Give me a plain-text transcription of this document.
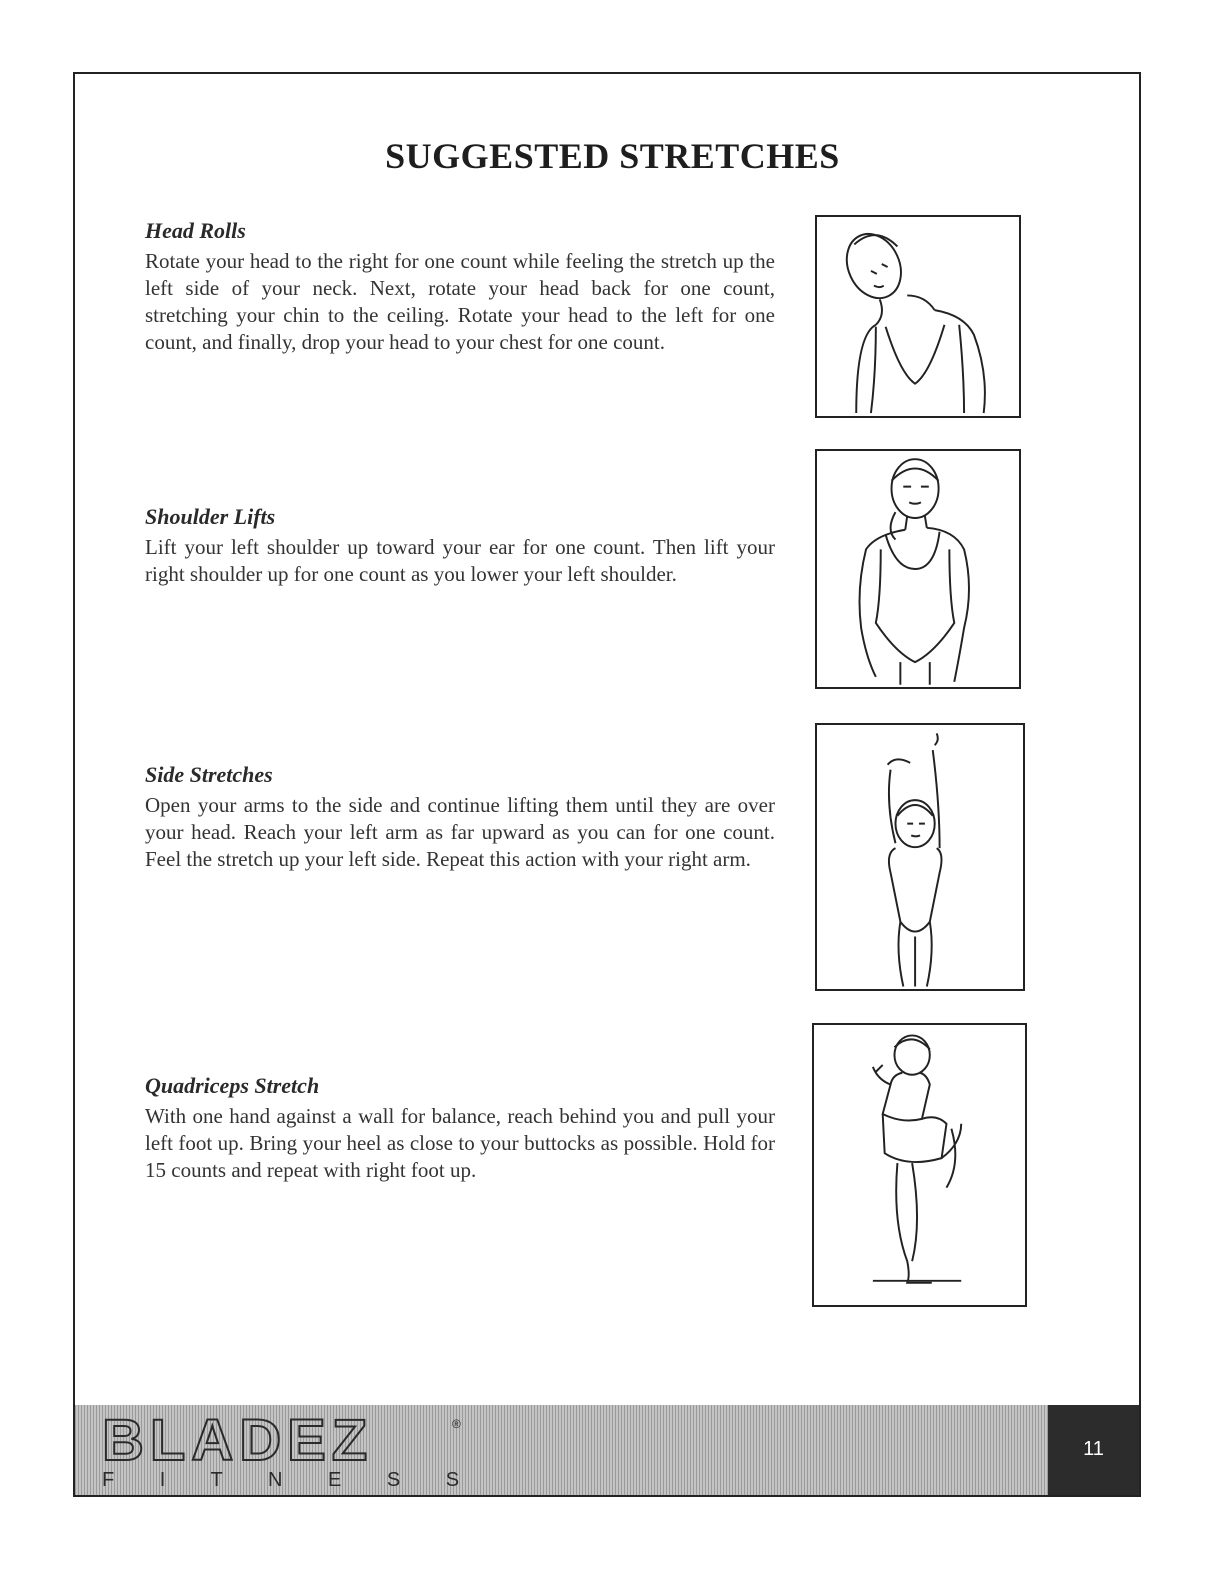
SUGGESTED STRETCHES
Head Rolls

Rotate your head to the right for one count while feeling the stretch up the left side of your neck. Next, rotate your head back for one count, stretching your chin to the ceiling. Rotate your head to the left for one count, and finally, drop your head to your chest for one count.

Shoulder Lifts

Lift your left shoulder up toward your ear for one count. Then lift your right shoulder up for one count as you lower your left shoulder.

Side Stretches

Open your arms to the side and continue lifting them until they are over your head. Reach your left arm as far upward as you can for one count. Feel the stretch up your left side. Repeat this action with your right arm.

Quadriceps Stretch

With one hand against a wall for balance, reach behind you and pull your left foot up. Bring your heel as close to your buttocks as possible. Hold for 15 counts and repeat with right foot up.

BLADEZ	®
F I T N E S S
11
